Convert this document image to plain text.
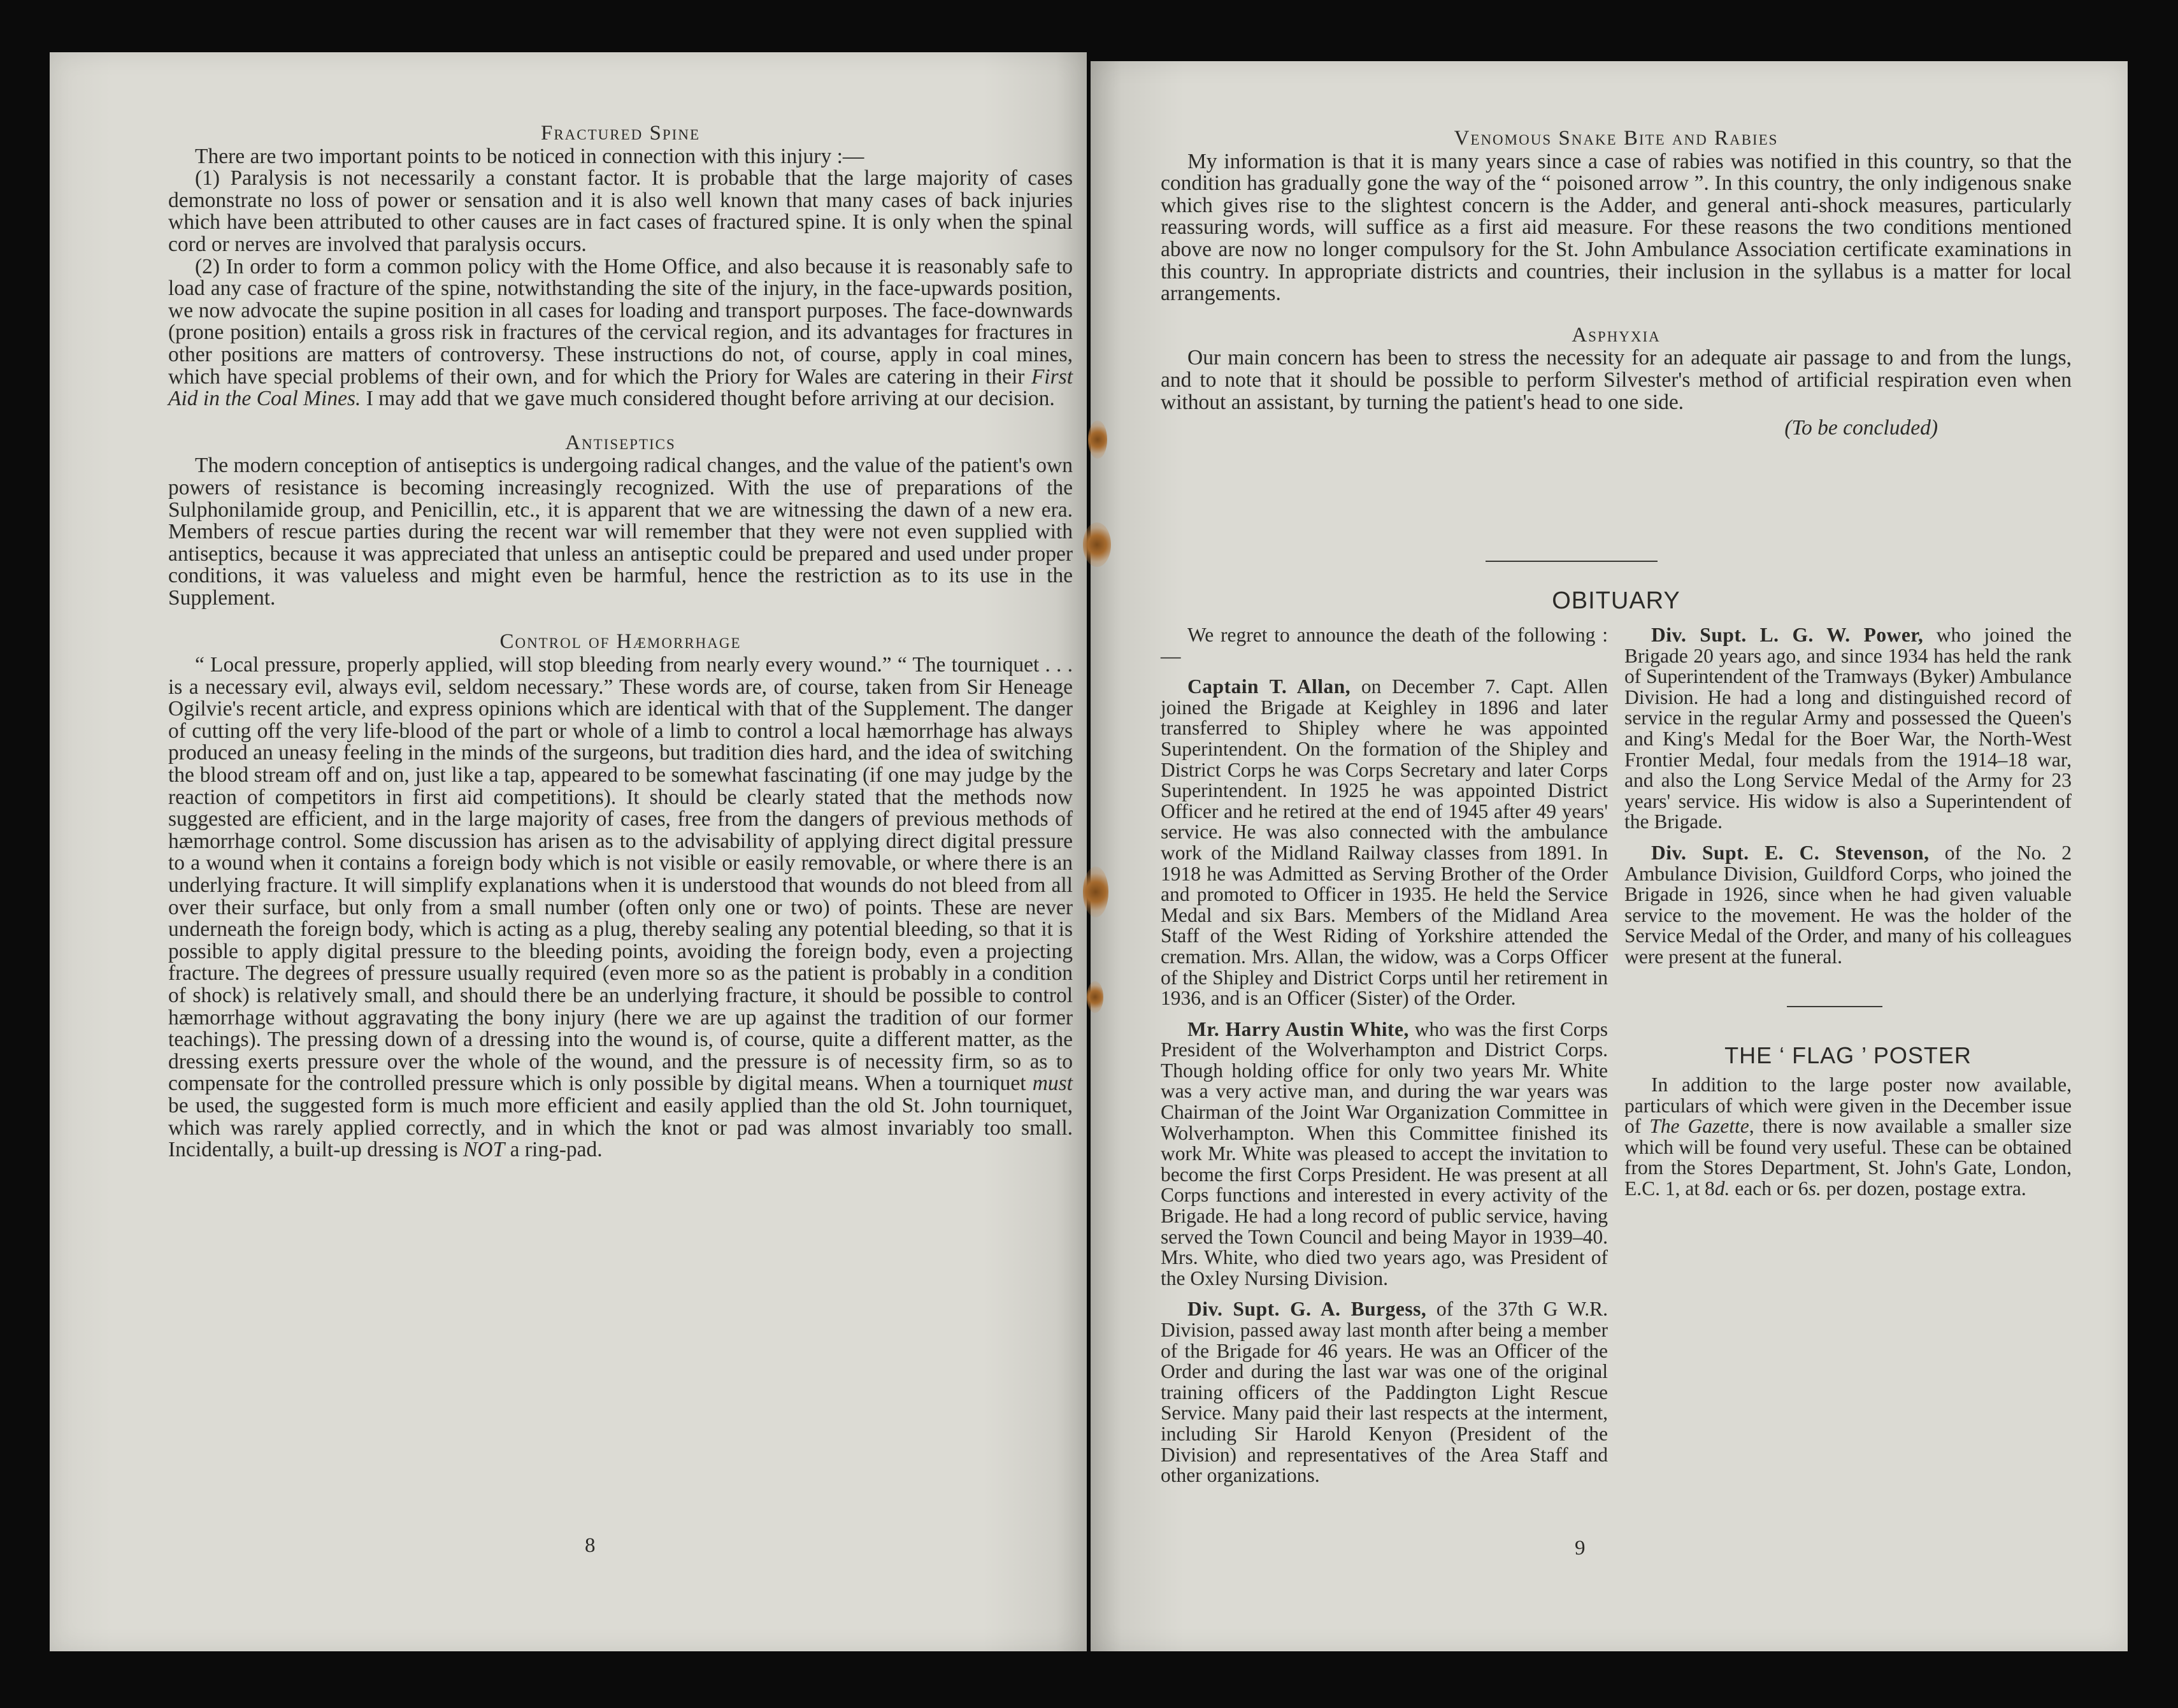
Fractured Spine

There are two important points to be noticed in connection with this injury :—

(1) Paralysis is not necessarily a constant factor. It is probable that the large majority of cases demonstrate no loss of power or sensation and it is also well known that many cases of back injuries which have been attributed to other causes are in fact cases of fractured spine. It is only when the spinal cord or nerves are involved that paralysis occurs.

(2) In order to form a common policy with the Home Office, and also because it is reasonably safe to load any case of fracture of the spine, notwithstanding the site of the injury, in the face-upwards position, we now advocate the supine position in all cases for loading and transport purposes. The face-downwards (prone position) entails a gross risk in fractures of the cervical region, and its advantages for fractures in other positions are matters of controversy. These instructions do not, of course, apply in coal mines, which have special problems of their own, and for which the Priory for Wales are catering in their First Aid in the Coal Mines. I may add that we gave much considered thought before arriving at our decision.

Antiseptics

The modern conception of antiseptics is undergoing radical changes, and the value of the patient's own powers of resistance is becoming increasingly recognized. With the use of preparations of the Sulphonilamide group, and Penicillin, etc., it is apparent that we are witnessing the dawn of a new era. Members of rescue parties during the recent war will remember that they were not even supplied with antiseptics, because it was appreciated that unless an antiseptic could be prepared and used under proper conditions, it was valueless and might even be harmful, hence the restriction as to its use in the Supplement.

Control of Hæmorrhage

“ Local pressure, properly applied, will stop bleeding from nearly every wound.” “ The tourniquet . . . is a necessary evil, always evil, seldom necessary.” These words are, of course, taken from Sir Heneage Ogilvie's recent article, and express opinions which are identical with that of the Supplement. The danger of cutting off the very life-blood of the part or whole of a limb to control a local hæmorrhage has always produced an uneasy feeling in the minds of the surgeons, but tradition dies hard, and the idea of switching the blood stream off and on, just like a tap, appeared to be somewhat fascinating (if one may judge by the reaction of competitors in first aid competitions). It should be clearly stated that the methods now suggested are efficient, and in the large majority of cases, free from the dangers of previous methods of hæmorrhage control. Some discussion has arisen as to the advisability of applying direct digital pressure to a wound when it contains a foreign body which is not visible or easily removable, or where there is an underlying fracture. It will simplify explanations when it is understood that wounds do not bleed from all over their surface, but only from a small number (often only one or two) of points. These are never underneath the foreign body, which is acting as a plug, thereby sealing any potential bleeding, so that it is possible to apply digital pressure to the bleeding points, avoiding the foreign body, even a projecting fracture. The degrees of pressure usually required (even more so as the patient is probably in a condition of shock) is relatively small, and should there be an underlying fracture, it should be possible to control hæmorrhage without aggravating the bony injury (here we are up against the tradition of our former teachings). The pressing down of a dressing into the wound is, of course, quite a different matter, as the dressing exerts pressure over the whole of the wound, and the pressure is of necessity firm, so as to compensate for the controlled pressure which is only possible by digital means. When a tourniquet must be used, the suggested form is much more efficient and easily applied than the old St. John tourniquet, which was rarely applied correctly, and in which the knot or pad was almost invariably too small. Incidentally, a built-up dressing is NOT a ring-pad.

8
Venomous Snake Bite and Rabies

My information is that it is many years since a case of rabies was notified in this country, so that the condition has gradually gone the way of the “ poisoned arrow ”. In this country, the only indigenous snake which gives rise to the slightest concern is the Adder, and general anti-shock measures, particularly reassuring words, will suffice as a first aid measure. For these reasons the two conditions mentioned above are now no longer compulsory for the St. John Ambulance Association certificate examinations in this country. In appropriate districts and countries, their inclusion in the syllabus is a matter for local arrangements.

Asphyxia

Our main concern has been to stress the necessity for an adequate air passage to and from the lungs, and to note that it should be possible to perform Silvester's method of artificial respiration even when without an assistant, by turning the patient's head to one side.

(To be concluded)

OBITUARY

We regret to announce the death of the following :—

Captain T. Allan, on December 7. Capt. Allen joined the Brigade at Keighley in 1896 and later transferred to Shipley where he was appointed Superintendent. On the formation of the Shipley and District Corps he was Corps Secretary and later Corps Superintendent. In 1925 he was appointed District Officer and he retired at the end of 1945 after 49 years' service. He was also connected with the ambulance work of the Midland Railway classes from 1891. In 1918 he was Admitted as Serving Brother of the Order and promoted to Officer in 1935. He held the Service Medal and six Bars. Members of the Midland Area Staff of the West Riding of Yorkshire attended the cremation. Mrs. Allan, the widow, was a Corps Officer of the Shipley and District Corps until her retirement in 1936, and is an Officer (Sister) of the Order.

Mr. Harry Austin White, who was the first Corps President of the Wolverhampton and District Corps. Though holding office for only two years Mr. White was a very active man, and during the war years was Chairman of the Joint War Organization Committee in Wolverhampton. When this Committee finished its work Mr. White was pleased to accept the invitation to become the first Corps President. He was present at all Corps functions and interested in every activity of the Brigade. He had a long record of public service, having served the Town Council and being Mayor in 1939–40. Mrs. White, who died two years ago, was President of the Oxley Nursing Division.

Div. Supt. G. A. Burgess, of the 37th G W.R. Division, passed away last month after being a member of the Brigade for 46 years. He was an Officer of the Order and during the last war was one of the original training officers of the Paddington Light Rescue Service. Many paid their last respects at the interment, including Sir Harold Kenyon (President of the Division) and representatives of the Area Staff and other organizations.

Div. Supt. L. G. W. Power, who joined the Brigade 20 years ago, and since 1934 has held the rank of Superintendent of the Tramways (Byker) Ambulance Division. He had a long and distinguished record of service in the regular Army and possessed the Queen's and King's Medal for the Boer War, the North-West Frontier Medal, four medals from the 1914–18 war, and also the Long Service Medal of the Army for 23 years' service. His widow is also a Superintendent of the Brigade.

Div. Supt. E. C. Stevenson, of the No. 2 Ambulance Division, Guildford Corps, who joined the Brigade in 1926, since when he had given valuable service to the movement. He was the holder of the Service Medal of the Order, and many of his colleagues were present at the funeral.

THE ‘ FLAG ’ POSTER

In addition to the large poster now available, particulars of which were given in the December issue of The Gazette, there is now available a smaller size which will be found very useful. These can be obtained from the Stores Department, St. John's Gate, London, E.C. 1, at 8d. each or 6s. per dozen, postage extra.

9
